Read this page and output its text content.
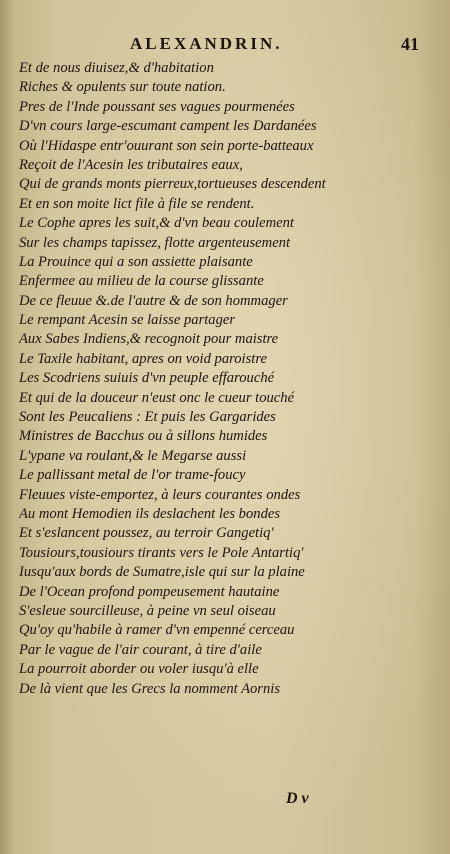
ALEXANDRIN.	41
Et de nous diuisez,& d'habitation
Riches & opulents sur toute nation.
Pres de l'Inde poussant ses vagues pourmenées
D'vn cours large-escumant campent les Dardanées
Où l'Hidaspe entr'ouurant son sein porte-batteaux
Reçoit de l'Acesin les tributaires eaux,
Qui de grands monts pierreux,tortueuses descendent
Et en son moite lict file à file se rendent.
Le Cophe apres les suit,& d'vn beau coulement
Sur les champs tapissez, flotte argenteusement
La Prouince qui a son assiette plaisante
Enfermee au milieu de la course glissante
De ce fleuue &.de l'autre & de son hommager
Le rempant Acesin se laisse partager
Aux Sabes Indiens,& recognoit pour maistre
Le Taxile habitant, apres on void paroistre
Les Scodriens suiuis d'vn peuple effarouché
Et qui de la douceur n'eust onc le cueur touché
Sont les Peucaliens : Et puis les Gargarides
Ministres de Bacchus ou à sillons humides
L'ypane va roulant,& le Megarse aussi
Le pallissant metal de l'or trame-foucy
Fleuues viste-emportez, à leurs courantes ondes
Au mont Hemodien ils deslachent les bondes
Et s'eslancent poussez, au terroir Gangetiq'
Tousiours,tousiours tirants vers le Pole Antartiq'
Iusqu'aux bords de Sumatre,isle qui sur la plaine
De l'Ocean profond pompeusement hautaine
S'esleue sourcilleuse, à peine vn seul oiseau
Qu'oy qu'habile à ramer d'vn empenné cerceau
Par le vague de l'air courant, à tire d'aile
La pourroit aborder ou voler iusqu'à elle
De là vient que les Grecs la nomment Aornis
D v
